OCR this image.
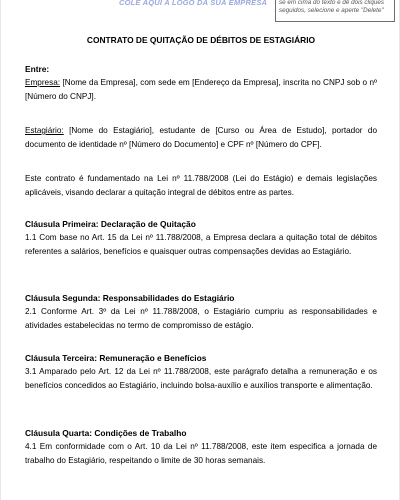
COLE AQUI A LOGO DA SUA EMPRESA	se em cima do texto e dê dois cliques seguidos, selecione e aperte "Delete"
CONTRATO DE QUITAÇÃO DE DÉBITOS DE ESTAGIÁRIO

Entre:

Empresa: [Nome da Empresa], com sede em [Endereço da Empresa], inscrita no CNPJ sob o nº [Número do CNPJ].

Estagiário: [Nome do Estagiário], estudante de [Curso ou Área de Estudo], portador do documento de identidade nº [Número do Documento] e CPF nº [Número do CPF].

Este contrato é fundamentado na Lei nº 11.788/2008 (Lei do Estágio) e demais legislações aplicáveis, visando declarar a quitação integral de débitos entre as partes.

Cláusula Primeira: Declaração de Quitação

1.1 Com base no Art. 15 da Lei nº 11.788/2008, a Empresa declara a quitação total de débitos referentes a salários, benefícios e quaisquer outras compensações devidas ao Estagiário.

Cláusula Segunda: Responsabilidades do Estagiário

2.1 Conforme Art. 3º da Lei nº 11.788/2008, o Estagiário cumpriu as responsabilidades e atividades estabelecidas no termo de compromisso de estágio.

Cláusula Terceira: Remuneração e Benefícios

3.1 Amparado pelo Art. 12 da Lei nº 11.788/2008, este parágrafo detalha a remuneração e os benefícios concedidos ao Estagiário, incluindo bolsa-auxílio e auxílios transporte e alimentação.

Cláusula Quarta: Condições de Trabalho

4.1 Em conformidade com o Art. 10 da Lei nº 11.788/2008, este item especifica a jornada de trabalho do Estagiário, respeitando o limite de 30 horas semanais.
